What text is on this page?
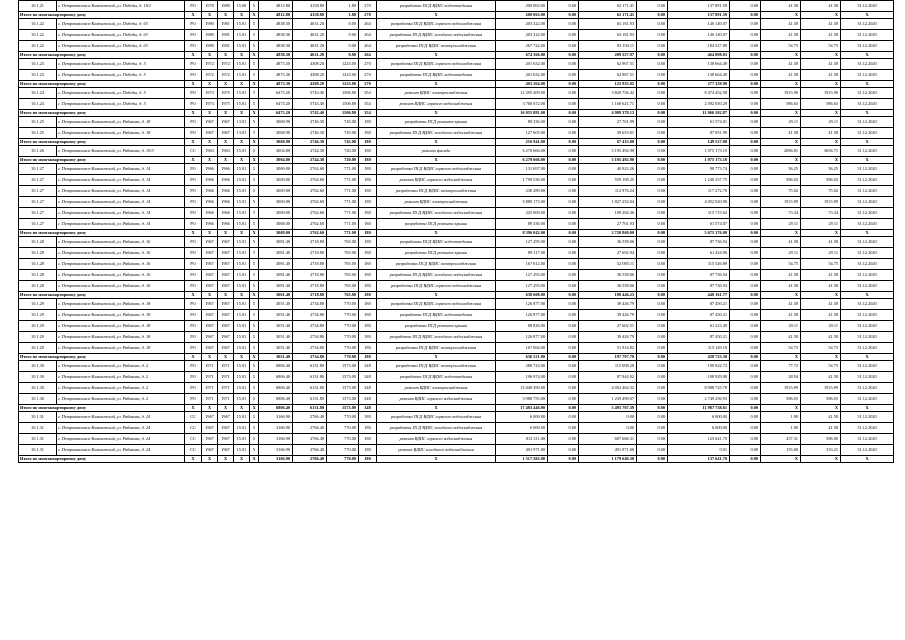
10.1.21	г. Петропавловск-Камчатский, ул. Победы, д. 16/1	РО	1978	1980	15.00	5	4812.80	4158.80	1.80	270	разработка ПСД ВДИС водоотведения	200 063.00	0.00	62 171.41	0.00	137 891.59	0.00	41.58	41.58	31.12.2020
Итого по многоквартирному дому		X	X	X	X	X	4812.80	4158.80	1.80	270	X	200 063.00	0.00	62 171.41	0.00	137 891.59	0.00	X	X	X
10.1.22	г. Петропавловск-Камчатский, ул. Победы, д. 63	РО	1980	1981	15.01	5	4838.30	4631.20	0.00	264	разработка ПСД ВДИС горячего водоснабжения	203 322.00	0.00	63 181.93	0.00	140 140.07	0.00	41.58	41.58	31.12.2020
10.1.22	г. Петропавловск-Камчатский, ул. Победы, д. 63	РО	1980	1981	15.01	5	4838.30	4631.20	0.00	264	разработка ПСД ВДИС холодного водоснабжения	203 322.00	0.00	63 181.93	0.00	140 140.07	0.00	41.58	41.58	31.12.2020
10.1.22	г. Петропавловск-Камчатский, ул. Победы, д. 63	РО	1980	1981	15.01	5	4838.30	4631.20	0.00	264	разработка ПСД ВДИС электроснабжения	267 722.00	0.00	83 194.11	0.00	184 527.89	0.00	54.75	54.75	31.12.2020
Итого по многоквартирному дому		X	X	X	X	X	4838.30	4631.20	0.00	264	X	674 366.00	0.00	209 557.97	0.00	464 808.03	0.00	X	X	X
10.1.23	г. Петропавловск-Камчатский, ул. Победы, д. 5	РО	1972	1972	15.01	5	4873.30	4308.20	1223.00	270	разработка ПСД ВДИС горячего водоснабжения	201 632.00	0.00	62 967.51	0.00	138 664.49	0.00	41.58	41.58	31.12.2020
10.1.23	г. Петропавловск-Камчатский, ул. Победы, д. 5	РО	1972	1972	15.01	5	4873.30	4308.20	1223.00	270	разработка ПСД ВДИС водоотведения	201 632.00	0.00	62 967.51	0.00	138 664.49	0.00	41.58	41.58	31.12.2020
Итого по многоквартирному дому		X	X	X	X	X	4873.30	4308.20	1223.00	270	X	403 264.00	0.00	125 935.02	0.00	277 328.98	0.00	X	X	X
10.1.24	г. Петропавловск-Камчатский, ул. Победы, д. 5	РО	1973	1975	15.01	5	6473.20	5743.40	1506.80	354	ремонт ВДИС электроснабжения	12 295 209.00	0.00	3 820 756.42	0.00	8 474 452.58	0.00	1915.96	1915.96	31.12.2020
10.1.24	г. Петропавловск-Камчатский, ул. Победы, д. 5	РО	1973	1975	15.01	5	6473.20	5743.40	1506.80	354	ремонт ВДИС горячего водоснабжения	3 760 672.00	0.00	1 168 621.71	0.00	2 592 050.29	0.00	586.03	586.03	31.12.2020
Итого по многоквартирному дому		X	X	X	X	X	6473.20	5743.40	1506.80	354	X	16 055 881.00	0.00	4 989 378.13	0.00	11 066 502.87	0.00	X	X	X
10.1.25	г. Петропавловск-Камчатский, ул. Рябикова, д. 18	РО	1967	1967	13.01	5	3068.90	2746.30	745.00	180	разработка ПСД ремонта крыши	89 336.00	0.00	27 761.99	0.00	61 574.01	0.00	29.11	29.11	31.12.2020
10.1.25	г. Петропавловск-Камчатский, ул. Рябикова, д. 18	РО	1967	1967	13.01	5	3068.90	2746.30	745.00	180	разработка ПСД ВДИС холодного водоснабжения	127 605.00	0.00	39 653.01	0.00	87 951.99	0.00	41.58	41.58	31.12.2020
Итого по многоквартирному дому		X	X	X	X	X	3068.90	2746.30	745.00	180	X	216 941.00	0.00	67 415.00	0.00	149 527.00	0.00	X	X	X
10.1.26	г. Петропавловск-Камчатский, ул. Рябикова, д. 19/3	СС	1963	1963	15.01	5	3004.80	2744.30	720.00	180	ремонт фасада	6 270 666.00	0.00	5 195 492.90	0.00	1 075 173.10	0.00	2086.81	3694.71	31.12.2020
Итого по многоквартирному дому		X	X	X	X	X	3004.80	2744.30	720.00	180	X	6 270 666.00	0.00	5 195 492.90	0.00	1 075 173.10	0.00	X	X	X
10.1.27	г. Петропавловск-Камчатский, ул. Рябикова, д. 14	РО	1966	1966	15.01	5	3069.00	2762.60	771.00	180	разработка ПСД ВДИС горячего водоснабжения	131 697.00	0.00	40 923.26	0.00	90 773.74	0.00	56.25	56.25	31.12.2020
10.1.27	г. Петропавловск-Камчатский, ул. Рябикова, д. 14	РО	1966	1966	15.01	5	3069.00	2762.60	771.00	180	ремонт ВДИС горячего водоснабжения	1 799 536.00	0.00	559 198.25	0.00	1 240 337.75	0.00	586.02	586.02	31.12.2020
10.1.27	г. Петропавловск-Камчатский, ул. Рябикова, д. 14	РО	1966	1966	15.01	5	3069.00	2762.60	771.00	180	разработка ПСД ВДИС электроснабжения	230 289.00	0.00	112 976.24	0.00	117 272.76	0.00	75.02	75.02	31.12.2020
10.1.27	г. Петропавловск-Камчатский, ул. Рябикова, д. 14	РО	1966	1966	15.01	5	3069.00	2762.60	771.00	180	ремонт ВДИС электроснабжения	5 880 173.00	0.00	1 827 252.04	0.00	4 052 920.96	0.00	1915.99	1915.99	31.12.2020
10.1.27	г. Петропавловск-Камчатский, ул. Рябикова, д. 14	РО	1966	1966	15.01	5	3069.00	2762.60	771.00	180	разработка ПСД ВДИС холодного водоснабжения	225 000.00	0.00	109 284.36	0.00	115 715.62	0.00	73.34	73.34	31.12.2020
10.1.27	г. Петропавловск-Камчатский, ул. Рябикова, д. 14	РО	1966	1966	15.01	5	3068.00	2762.60	771.00	180	разработка ПСД ремонта крыши	89 336.00	0.00	27 761.93	0.00	61 574.07	0.00	29.11	29.11	31.12.2020
Итого по многоквартирному дому		X	X	X	X	X	3069.00	2762.60	771.00	180	X	8 396 042.00	0.00	2 720 860.00	0.00	5 675 176.00	0.00	X	X	X
10.1.28	г. Петропавловск-Камчатский, ул. Рябикова, д. 16	РО	1967	1967	15.01	5	3081.40	2718.80	765.00	180	разработка ПСД ВДИС водоотведения	127 295.00	0.00	36 558.06	0.00	87 736.94	0.00	41.58	41.58	31.12.2020
10.1.28	г. Петропавловск-Камчатский, ул. Рябикова, д. 16	РО	1967	1967	15.01	5	3081.40	2718.80	765.00	180	разработка ПСД ремонта крыши	89 117.00	0.00	27 692.94	0.00	61 424.06	0.00	29.11	29.11	31.12.2020
10.1.28	г. Петропавловск-Камчатский, ул. Рябикова, д. 16	РО	1967	1967	15.01	5	3081.40	2718.80	765.00	180	разработка ПСД ВДИС электроснабжения	167 612.00	0.00	52 085.11	0.00	115 526.89	0.00	54.75	54.75	31.12.2020
10.1.28	г. Петропавловск-Камчатский, ул. Рябикова, д. 16	РО	1967	1967	15.01	5	3081.40	2718.80	765.00	180	разработка ПСД ВДИС холодного водоснабжения	127 293.00	0.00	36 558.06	0.00	87 736.94	0.00	41.58	41.58	31.12.2020
10.1.28	г. Петропавловск-Камчатский, ул. Рябикова, д. 16	РО	1967	1967	15.01	5	3081.40	2718.80	765.00	180	разработка ПСД ВДИС горячего водоснабжения	127 293.00	0.00	36 558.06	0.00	87 736.94	0.00	41.58	41.58	31.12.2020
Итого по многоквартирному дому		X	X	X	X	X	3061.40	2718.80	765.00	180	X	638 608.00	0.00	198 446.23	0.00	440 161.77	0.00	X	X	X
10.1.29	г. Петропавловск-Камчатский, ул. Рябикова, д. 18	РО	1967	1967	15.01	5	3051.40	2734.80	770.00	180	разработка ПСД ВДИС горячего водоснабжения	126 877.00	0.00	39 426.79	0.00	87 450.21	0.00	41.58	41.58	31.12.2020
10.1.29	г. Петропавловск-Камчатский, ул. Рябикова, д. 18	РО	1967	1967	15.01	5	3051.40	2734.80	770.00	180	разработка ПСД ВДИС водоотведения	126 877.00	0.00	39 426.79	0.00	87 450.21	0.00	41.58	41.58	31.12.2020
10.1.29	г. Петропавловск-Камчатский, ул. Рябикова, д. 18	РО	1967	1967	15.01	5	3051.40	2734.80	770.00	180	разработка ПСД ремонта крыши	88 826.00	0.00	27 602.51	0.00	61 223.49	0.00	29.11	29.11	31.12.2020
10.1.29	г. Петропавловск-Камчатский, ул. Рябикова, д. 18	РО	1967	1967	15.01	5	3051.40	2734.80	770.00	180	разработка ПСД ВДИС холодного водоснабжения	126 877.00	0.00	39 426.79	0.00	87 450.21	0.00	41.58	41.58	31.12.2020
10.1.29	г. Петропавловск-Камчатский, ул. Рябикова, д. 18	РО	1967	1967	15.01	5	3051.40	2734.80	770.00	180	разработка ПСД ВДИС электроснабжения	167 064.00	0.00	51 914.82	0.00	115 149.18	0.00	54.75	54.75	31.12.2020
Итого по многоквартирному дому		X	X	X	X	X	3051.40	2734.80	770.00	180	X	636 521.00	0.00	197 797.70	0.00	438 723.30	0.00	X	X	X
10.1.30	г. Петропавловск-Камчатский, ул. Рябикова, д. 2	РО	1971	1971	15.01	5	6806.40	6131.80	1573.00	348	разработка ПСД ВДИС электроснабжения	286 723.00	0.00	115 008.28	0.00	190 922.72	0.00	77.72	54.75	31.12.2020
10.1.30	г. Петропавловск-Камчатский, ул. Рябикова, д. 2	РО	1971	1971	15.01	5	6806.40	6131.80	1573.00	348	разработка ПСД ВДИС водоотведения	196 974.00	0.00	87 944.92	0.00	108 929.08	0.00	28.94	41.58	31.12.2020
10.1.30	г. Петропавловск-Камчатский, ул. Рябикова, д. 2	РО	1971	1971	15.01	5	6806.40	6131.80	1573.00	348	ремонт ВДИС электроснабжения	13 040 390.00	0.00	4 052 464.32	0.00	8 988 725.78	0.00	1915.99	1915.99	31.12.2020
10.1.30	г. Петропавловск-Камчатский, ул. Рябикова, д. 2	РО	1971	1971	15.01	5	6806.40	6131.80	1573.00	348	ремонт ВДИС горячего водоснабжения	3 988 755.00	0.00	1 239 498.07	0.00	2 749 256.93	0.00	586.03	586.03	31.12.2020
Итого по многоквартирному дому		X	X	X	X	X	6806.40	6131.80	1573.00	348	X	17 483 446.00	0.00	5 495 707.39	0.00	11 987 738.61	0.00	X	X	X
10.1.31	г. Петропавловск-Камчатский, ул. Рябикова, д. 24	СС	1967	1967	15.01	5	3166.90	2766.40	770.00	180	разработка ПСД ВДИС горячего водоснабжения	6 000.00	0.00	0.00	0.00	6 000.00	0.00	1.90	41.58	31.12.2020
10.1.31	г. Петропавловск-Камчатский, ул. Рябикова, д. 24	СС	1967	1967	15.01	5	3166.90	2766.40	770.00	180	разработка ПСД ВДИС холодного водоснабжения	6 000.00	0.00	0.00	0.00	6 000.00	0.00	1.90	41.58	31.12.2020
10.1.31	г. Петропавловск-Камчатский, ул. Рябикова, д. 24	СС	1967	1967	15.01	5	3166.90	2766.40	770.00	180	ремонт ВДИС горячего водоснабжения	813 311.00	0.00	687 668.31	0.00	125 641.70	0.00	257.31	586.00	31.12.2020
10.1.31	г. Петропавловск-Камчатский, ул. Рябикова, д. 24	СС	1967	1967	15.01	5	3166.90	2766.40	770.00	180	ремонт ВДИС холодного водоснабжения	491 971.00	0.00	491 971.00	0.00	0.01	0.00	155.68	333.21	31.12.2020
Итого по многоквартирному дому		X	X	X	X	X	3166.90	2766.40	770.00	180	X	1 317 282.00	0.00	1 179 640.30	0.00	137 641.70	0.00	X	X	X
